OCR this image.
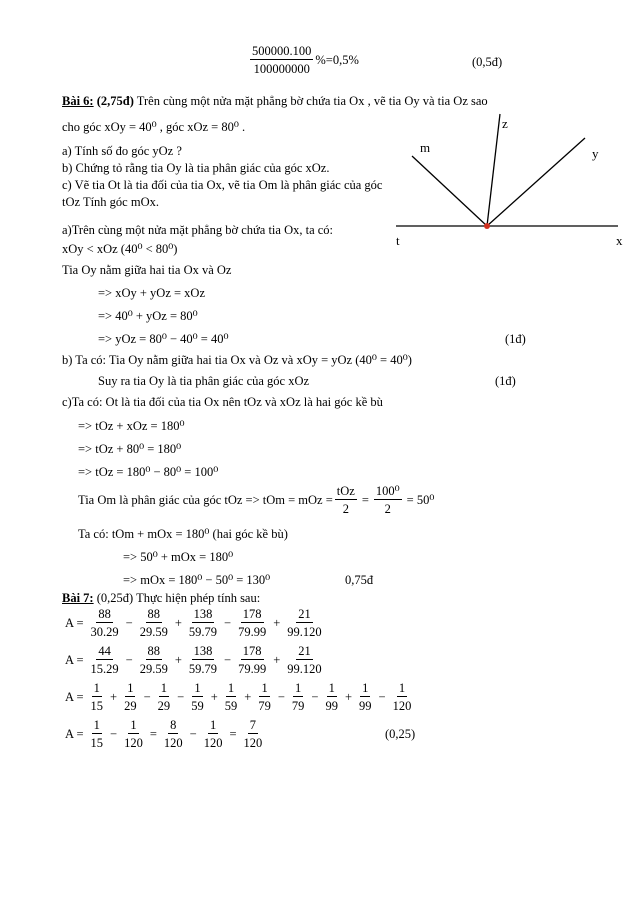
$\frac{500000.100}{100000000} \%=0,5\%$	(0,5đ)
Bài 6: (2,75đ) Trên cùng một nửa mặt phẳng bờ chứa tia Ox , vẽ tia Oy và tia Oz sao
cho góc xOy = 40⁰ , góc xOz = 80⁰ .
a) Tính số đo góc yOz ?
b) Chứng tỏ rằng tia Oy là tia phân giác của góc xOz.
c) Vẽ tia Ot là tia đối của tia Ox, vẽ tia Om là phân giác của góc
tOz Tính góc mOx.
z
m	y
t	x
a)Trên cùng một nửa mặt phẳng bờ chứa tia Ox, ta có:
xOy < xOz (40⁰ < 80⁰)
Tia Oy nằm giữa hai tia Ox và Oz
=> xOy + yOz = xOz
=> 40⁰ + yOz = 80⁰
=> yOz = 80⁰ − 40⁰ = 40⁰	(1đ)
b) Ta có: Tia Oy nằm giữa hai tia Ox và Oz và xOy = yOz (40⁰ = 40⁰)
Suy ra tia Oy là tia phân giác của góc xOz	(1đ)
c)Ta có: Ot là tia đối của tia Ox nên tOz và xOz là hai góc kề bù
=> tOz + xOz = 180⁰
=> tOz + 80⁰ = 180⁰
=> tOz = 180⁰ − 80⁰ = 100⁰
Tia Om là phân giác của góc tOz => tOm = mOz = $\frac{\text{tOz}}{2} = \frac{\text{100⁰}}{2} = 50^0$
Ta có: tOm + mOx = 180⁰ (hai góc kề bù)
=> 50⁰ + mOx = 180⁰
=> mOx = 180⁰ − 50⁰ = 130⁰	0,75đ
Bài 7: (0,25đ) Thực hiện phép tính sau:
$A = \frac{88}{30.29} - \frac{88}{29.59} + \frac{138}{59.79} - \frac{178}{79.99} + \frac{21}{99.120}$
$A = \frac{44}{15.29} - \frac{88}{29.59} + \frac{138}{59.79} - \frac{178}{79.99} + \frac{21}{99.120}$
$A = \frac{1}{15} + \frac{1}{29} - \frac{1}{29} - \frac{1}{59} + \frac{1}{59} + \frac{1}{79} - \frac{1}{79} - \frac{1}{99} + \frac{1}{99} - \frac{1}{120}$
$A = \frac{1}{15} - \frac{1}{120} = \frac{8}{120} - \frac{1}{120} = \frac{7}{120}$	(0,25)
